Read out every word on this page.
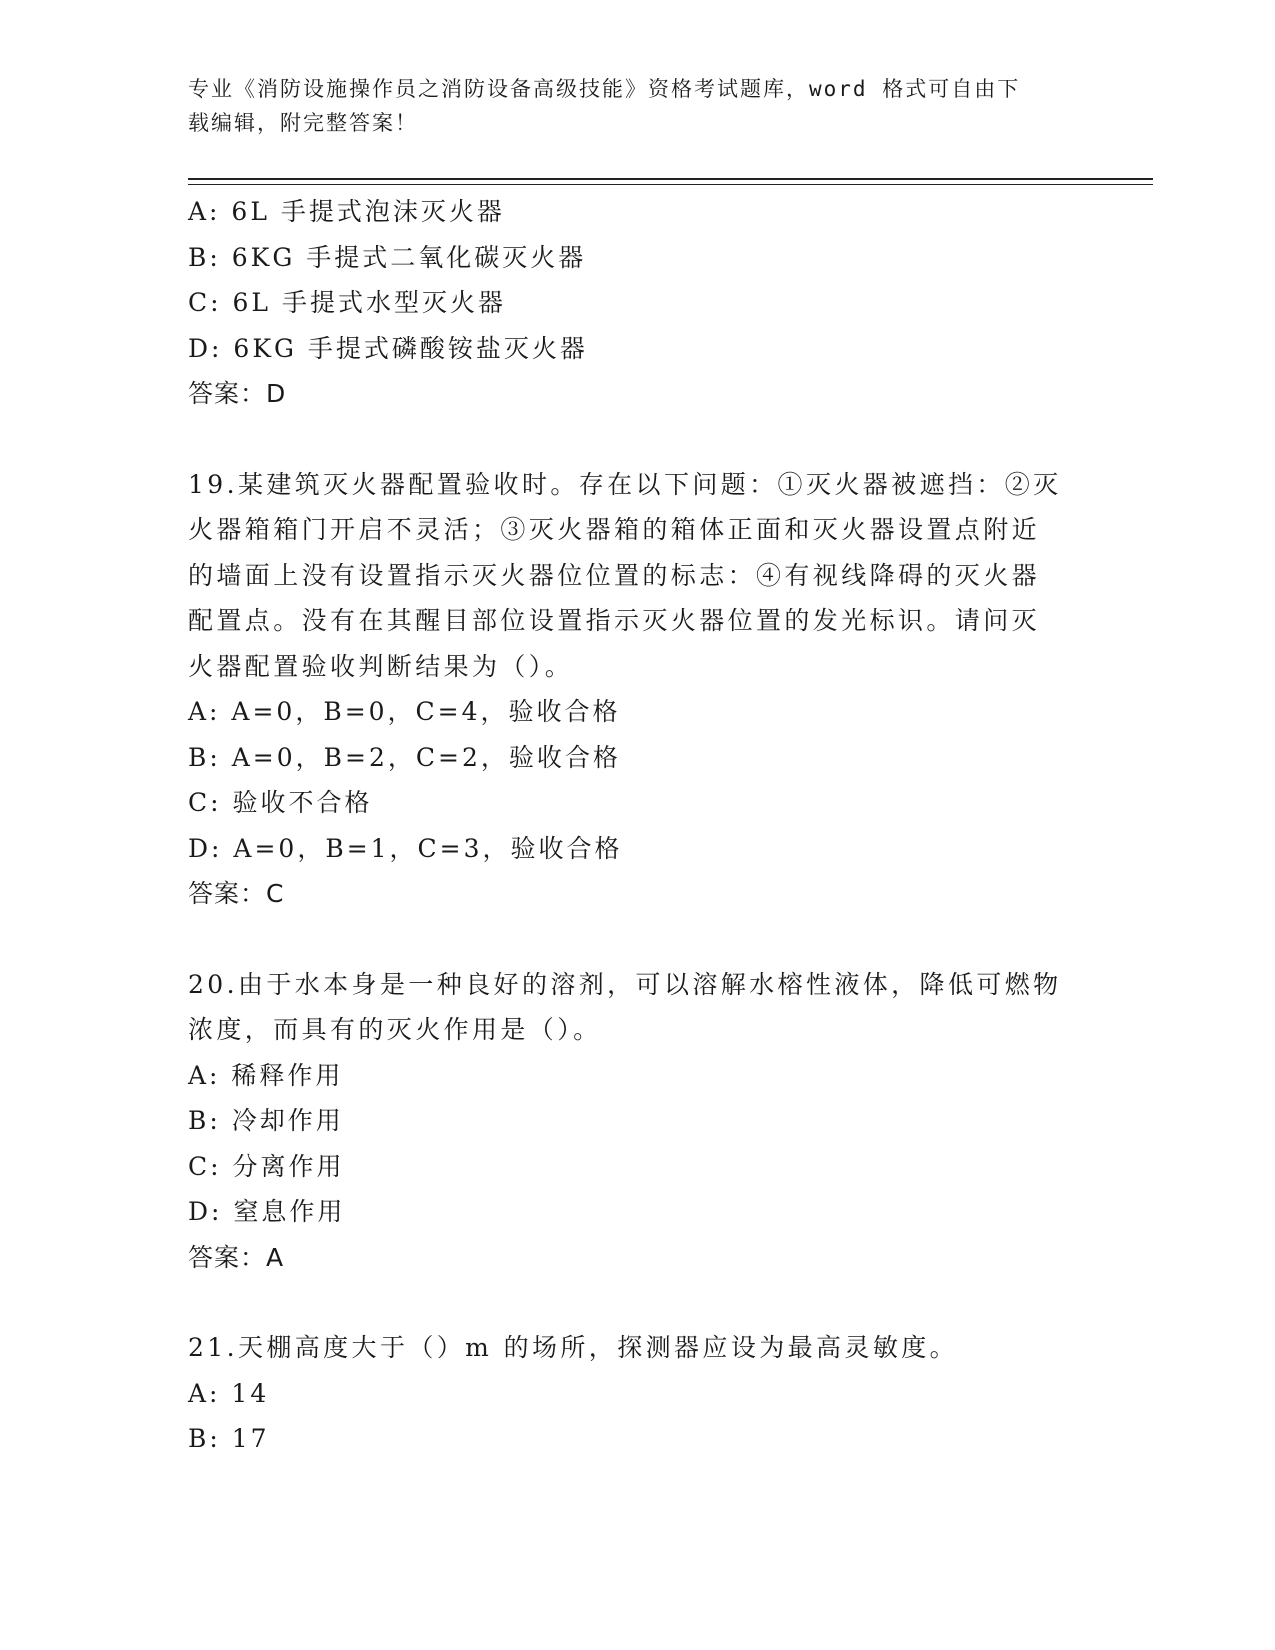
专业《消防设施操作员之消防设备高级技能》资格考试题库，word 格式可自由下
载编辑，附完整答案！
A: 6L 手提式泡沫灭火器
B: 6KG 手提式二氧化碳灭火器
C: 6L 手提式水型灭火器
D: 6KG 手提式磷酸铵盐灭火器
答案：D
19.某建筑灭火器配置验收时。存在以下问题：①灭火器被遮挡：②灭
火器箱箱门开启不灵活；③灭火器箱的箱体正面和灭火器设置点附近
的墙面上没有设置指示灭火器位位置的标志：④有视线降碍的灭火器
配置点。没有在其醒目部位设置指示灭火器位置的发光标识。请问灭
火器配置验收判断结果为（）。
A: A=0，B=0，C=4，验收合格
B: A=0，B=2，C=2，验收合格
C: 验收不合格
D: A=0，B=1，C=3，验收合格
答案：C
20.由于水本身是一种良好的溶剂，可以溶解水榕性液体，降低可燃物
浓度，而具有的灭火作用是（）。
A: 稀释作用
B: 冷却作用
C: 分离作用
D: 窒息作用
答案：A
21.天棚高度大于（）m 的场所，探测器应设为最高灵敏度。
A: 14
B: 17
